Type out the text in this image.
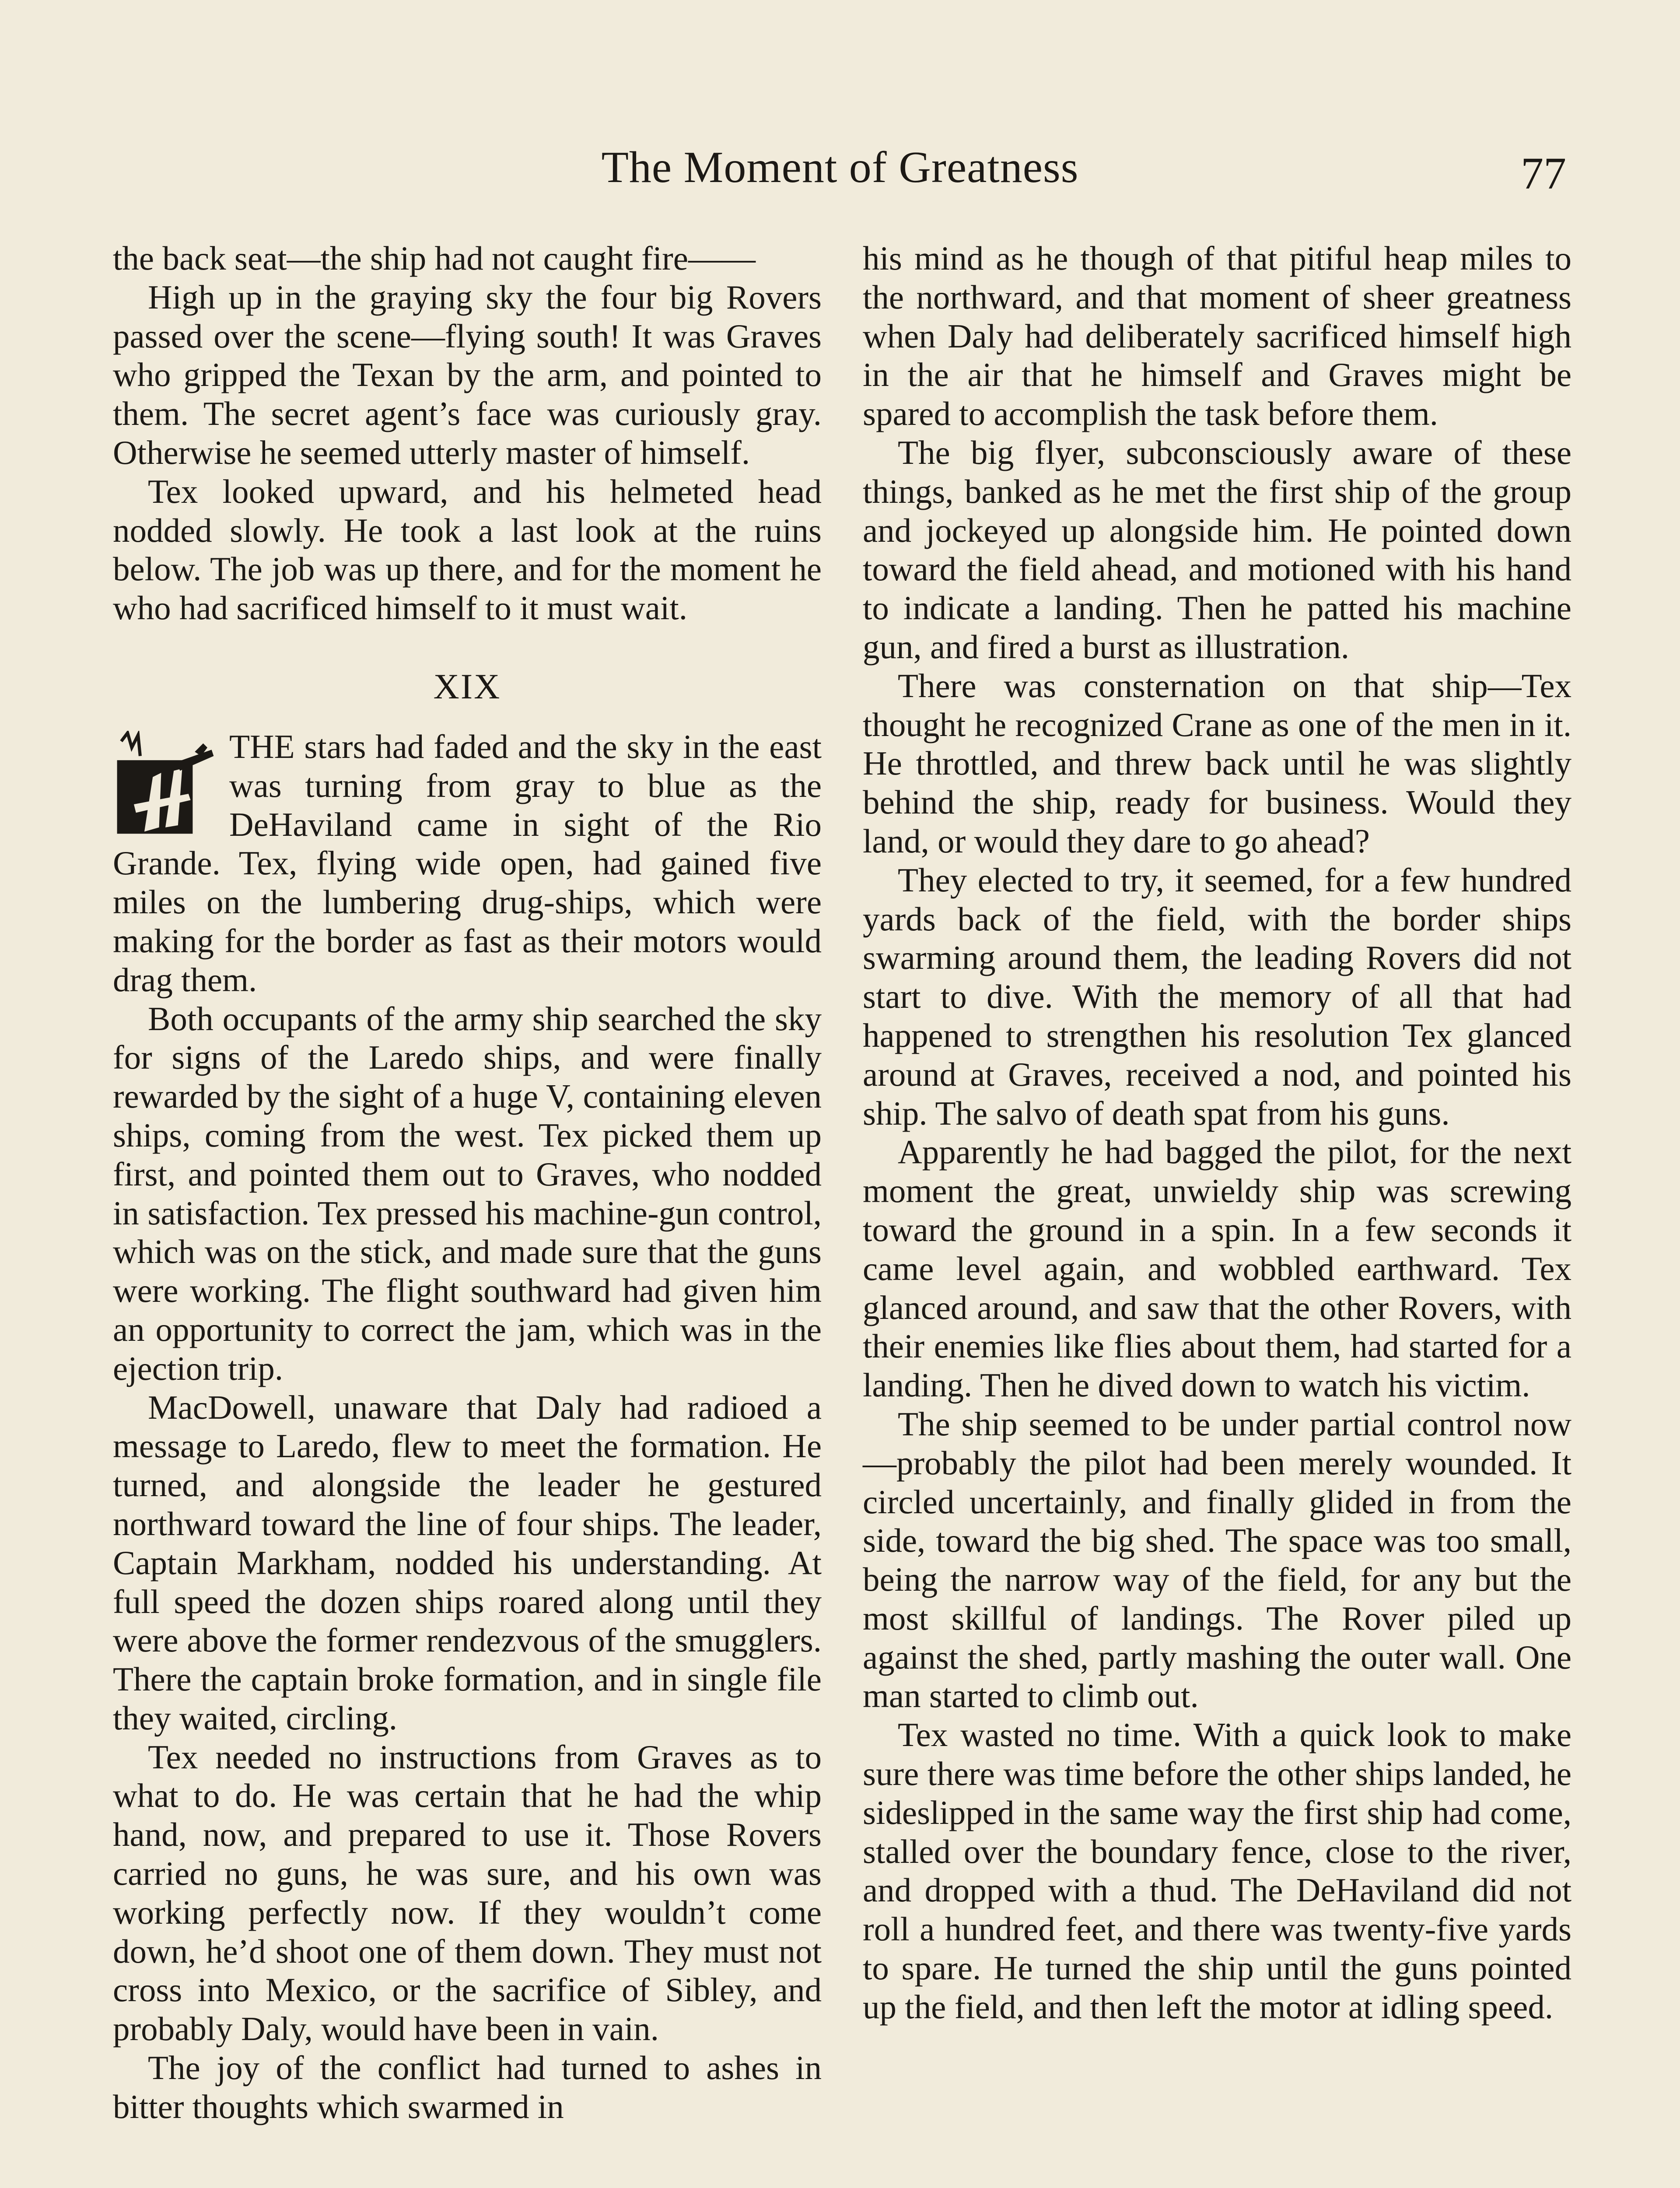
The Moment of Greatness	77

the back seat—the ship had not caught fire——

High up in the graying sky the four big Rovers passed over the scene—flying south! It was Graves who gripped the Texan by the arm, and pointed to them. The secret agent’s face was curiously gray. Otherwise he seemed utterly master of himself.

Tex looked upward, and his helmeted head nodded slowly. He took a last look at the ruins below. The job was up there, and for the moment he who had sacrificed himself to it must wait.

XIX

THE stars had faded and the sky in the east was turning from gray to blue as the DeHaviland came in sight of the Rio Grande. Tex, flying wide open, had gained five miles on the lumbering drug-ships, which were making for the border as fast as their motors would drag them.

Both occupants of the army ship searched the sky for signs of the Laredo ships, and were finally rewarded by the sight of a huge V, containing eleven ships, coming from the west. Tex picked them up first, and pointed them out to Graves, who nodded in satisfaction. Tex pressed his machine-gun control, which was on the stick, and made sure that the guns were working. The flight southward had given him an opportunity to correct the jam, which was in the ejection trip.

MacDowell, unaware that Daly had radioed a message to Laredo, flew to meet the formation. He turned, and alongside the leader he gestured northward toward the line of four ships. The leader, Captain Markham, nodded his understanding. At full speed the dozen ships roared along until they were above the former rendezvous of the smugglers. There the captain broke formation, and in single file they waited, circling.

Tex needed no instructions from Graves as to what to do. He was certain that he had the whip hand, now, and prepared to use it. Those Rovers carried no guns, he was sure, and his own was working perfectly now. If they wouldn’t come down, he’d shoot one of them down. They must not cross into Mexico, or the sacrifice of Sibley, and probably Daly, would have been in vain.

The joy of the conflict had turned to ashes in bitter thoughts which swarmed in

his mind as he though of that pitiful heap miles to the northward, and that moment of sheer greatness when Daly had deliberately sacrificed himself high in the air that he himself and Graves might be spared to accomplish the task before them.

The big flyer, subconsciously aware of these things, banked as he met the first ship of the group and jockeyed up alongside him. He pointed down toward the field ahead, and motioned with his hand to indicate a landing. Then he patted his machine gun, and fired a burst as illustration.

There was consternation on that ship—Tex thought he recognized Crane as one of the men in it. He throttled, and threw back until he was slightly behind the ship, ready for business. Would they land, or would they dare to go ahead?

They elected to try, it seemed, for a few hundred yards back of the field, with the border ships swarming around them, the leading Rovers did not start to dive. With the memory of all that had happened to strengthen his resolution Tex glanced around at Graves, received a nod, and pointed his ship. The salvo of death spat from his guns.

Apparently he had bagged the pilot, for the next moment the great, unwieldy ship was screwing toward the ground in a spin. In a few seconds it came level again, and wobbled earthward. Tex glanced around, and saw that the other Rovers, with their enemies like flies about them, had started for a landing. Then he dived down to watch his victim.

The ship seemed to be under partial control now—probably the pilot had been merely wounded. It circled uncertainly, and finally glided in from the side, toward the big shed. The space was too small, being the narrow way of the field, for any but the most skillful of landings. The Rover piled up against the shed, partly mashing the outer wall. One man started to climb out.

Tex wasted no time. With a quick look to make sure there was time before the other ships landed, he sideslipped in the same way the first ship had come, stalled over the boundary fence, close to the river, and dropped with a thud. The DeHaviland did not roll a hundred feet, and there was twenty-five yards to spare. He turned the ship until the guns pointed up the field, and then left the motor at idling speed.
